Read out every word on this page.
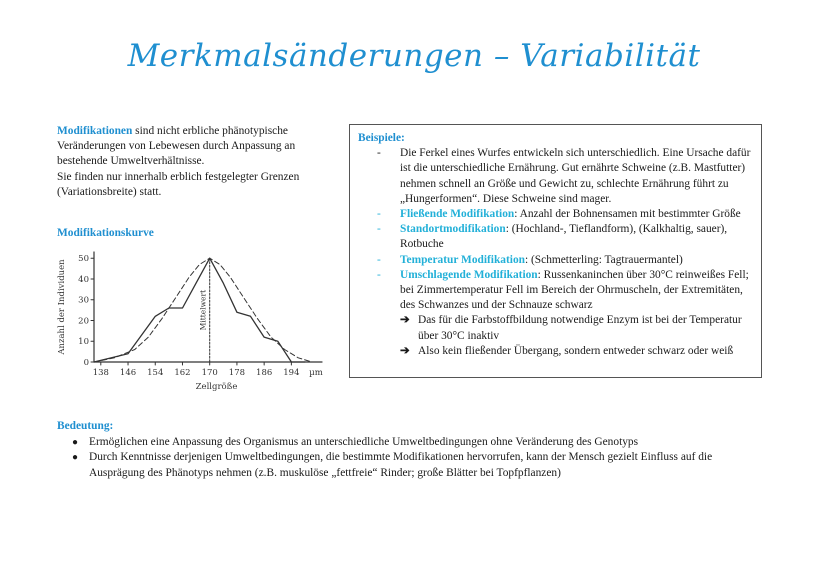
Merkmalsänderungen – Variabilität

Modifikationen sind nicht erbliche phänotypische Veränderungen von Lebewesen durch Anpassung an bestehende Umweltverhältnisse.

Sie finden nur innerhalb erblich festgelegter Grenzen (Variationsbreite) statt.

Modifikationskurve
0
10
20
30
40
50
138 146 154 162 170 178 186 194 µm
Zellgröße
Anzahl der Individuen	Mittelwert
Beispiele:
- Die Ferkel eines Wurfes entwickeln sich unterschiedlich. Eine Ursache dafür ist die unterschiedliche Ernährung. Gut ernährte Schweine (z.B. Mastfutter) nehmen schnell an Größe und Gewicht zu, schlechte Ernährung führt zu „Hungerformen“. Diese Schweine sind mager.
- Fließende Modifikation: Anzahl der Bohnensamen mit bestimmter Größe
- Standortmodifikation: (Hochland-, Tieflandform), (Kalkhaltig, sauer), Rotbuche
- Temperatur Modifikation: (Schmetterling: Tagtrauermantel)
- Umschlagende Modifikation: Russenkaninchen über 30°C reinweißes Fell; bei Zimmertemperatur Fell im Bereich der Ohrmuscheln, der Extremitäten, des Schwanzes und der Schnauze schwarz
➔ Das für die Farbstoffbildung notwendige Enzym ist bei der Temperatur über 30°C inaktiv
➔ Also kein fließender Übergang, sondern entweder schwarz oder weiß
Bedeutung:
● Ermöglichen eine Anpassung des Organismus an unterschiedliche Umweltbedingungen ohne Veränderung des Genotyps
● Durch Kenntnisse derjenigen Umweltbedingungen, die bestimmte Modifikationen hervorrufen, kann der Mensch gezielt Einfluss auf die Ausprägung des Phänotyps nehmen (z.B. muskulöse „fettfreie“ Rinder; große Blätter bei Topfpflanzen)
